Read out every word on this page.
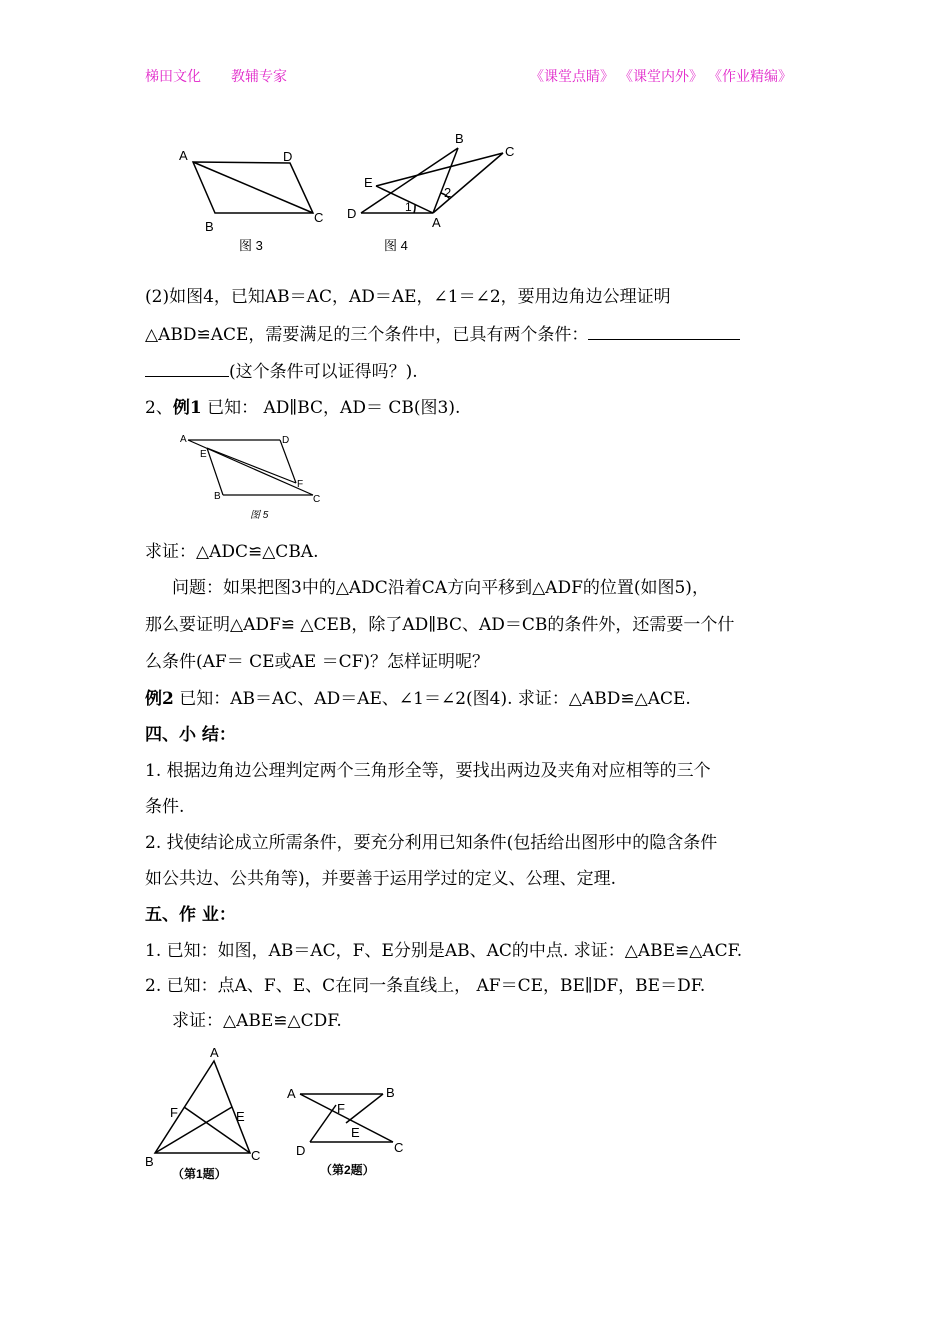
梯田文化 教辅专家	《课堂点睛》 《课堂内外》 《作业精编》
A	D
B
C
图 3
B
C
E
2
D	1
A
图 4
(2)如图4，已知AB＝AC，AD＝AE，∠1＝∠2，要用边角边公理证明
△ABD≌ACE，需要满足的三个条件中，已具有两个条件：
(这个条件可以证得吗？).
2、例1 已知： AD∥BC，AD＝ CB(图3).
A	D
E
F
B	C
图 5
求证：△ADC≌△CBA.
问题：如果把图3中的△ADC沿着CA方向平移到△ADF的位置(如图5)，
那么要证明△ADF≌ △CEB，除了AD∥BC、AD＝CB的条件外，还需要一个什
么条件(AF＝ CE或AE ＝CF)？怎样证明呢？
例2 已知：AB＝AC、AD＝AE、∠1＝∠2(图4). 求证：△ABD≌△ACE.
四、小 结：
1. 根据边角边公理判定两个三角形全等，要找出两边及夹角对应相等的三个
条件.
2. 找使结论成立所需条件，要充分利用已知条件(包括给出图形中的隐含条件
如公共边、公共角等)，并要善于运用学过的定义、公理、定理.
五、作 业：
1. 已知：如图，AB＝AC，F、E分别是AB、AC的中点. 求证：△ABE≌△ACF.
2. 已知：点A、F、E、C在同一条直线上， AF＝CE，BE∥DF，BE＝DF.
求证：△ABE≌△CDF.
A
F	E
B	C
（第1题）
A	B
F
E
D	C
（第2题）
